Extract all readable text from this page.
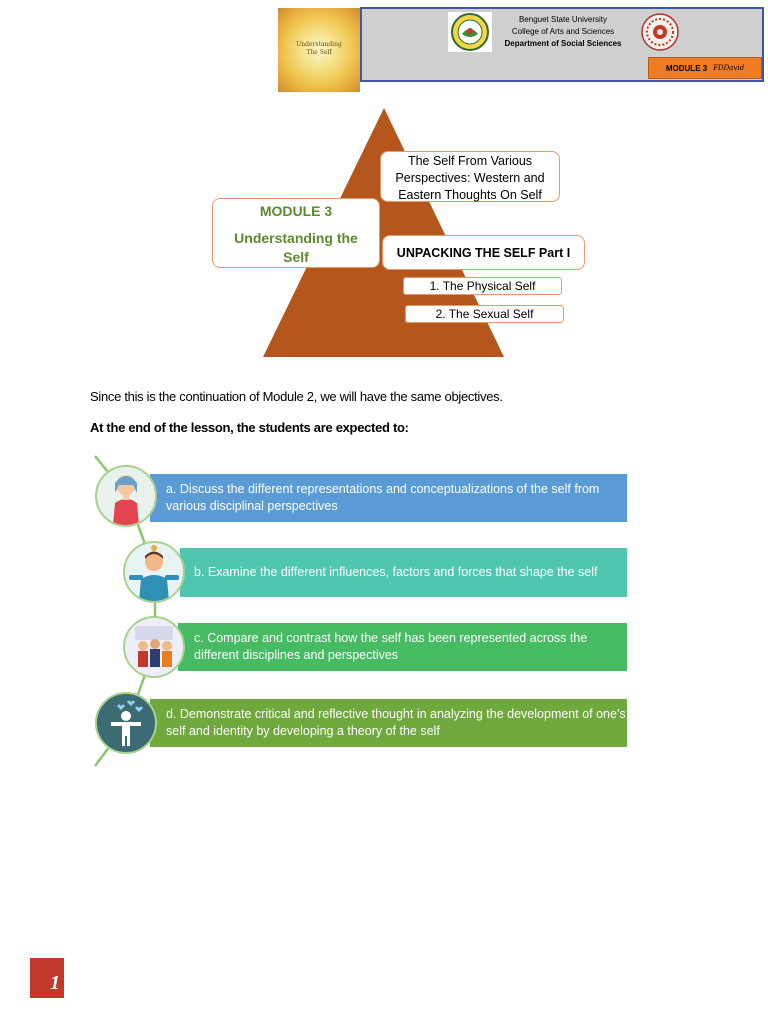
Understanding
The Self
Benguet State University
College of Arts and Sciences
Department of Social Sciences
MODULE 3 FDDavid
The Self From Various Perspectives: Western and Eastern Thoughts On Self
MODULE 3
Understanding the Self	UNPACKING THE SELF Part I
1. The Physical Self
2. The Sexual Self
Since this is the continuation of Module 2, we will have the same objectives.
At the end of the lesson, the students are expected to:
a. Discuss the different representations and conceptualizations of the self from various disciplinal perspectives
b. Examine the different influences, factors and forces that shape the self
c. Compare and contrast how the self has been represented across the different disciplines and perspectives
d. Demonstrate critical and reflective thought in analyzing the development of one's self and identity by developing a theory of the self
1
